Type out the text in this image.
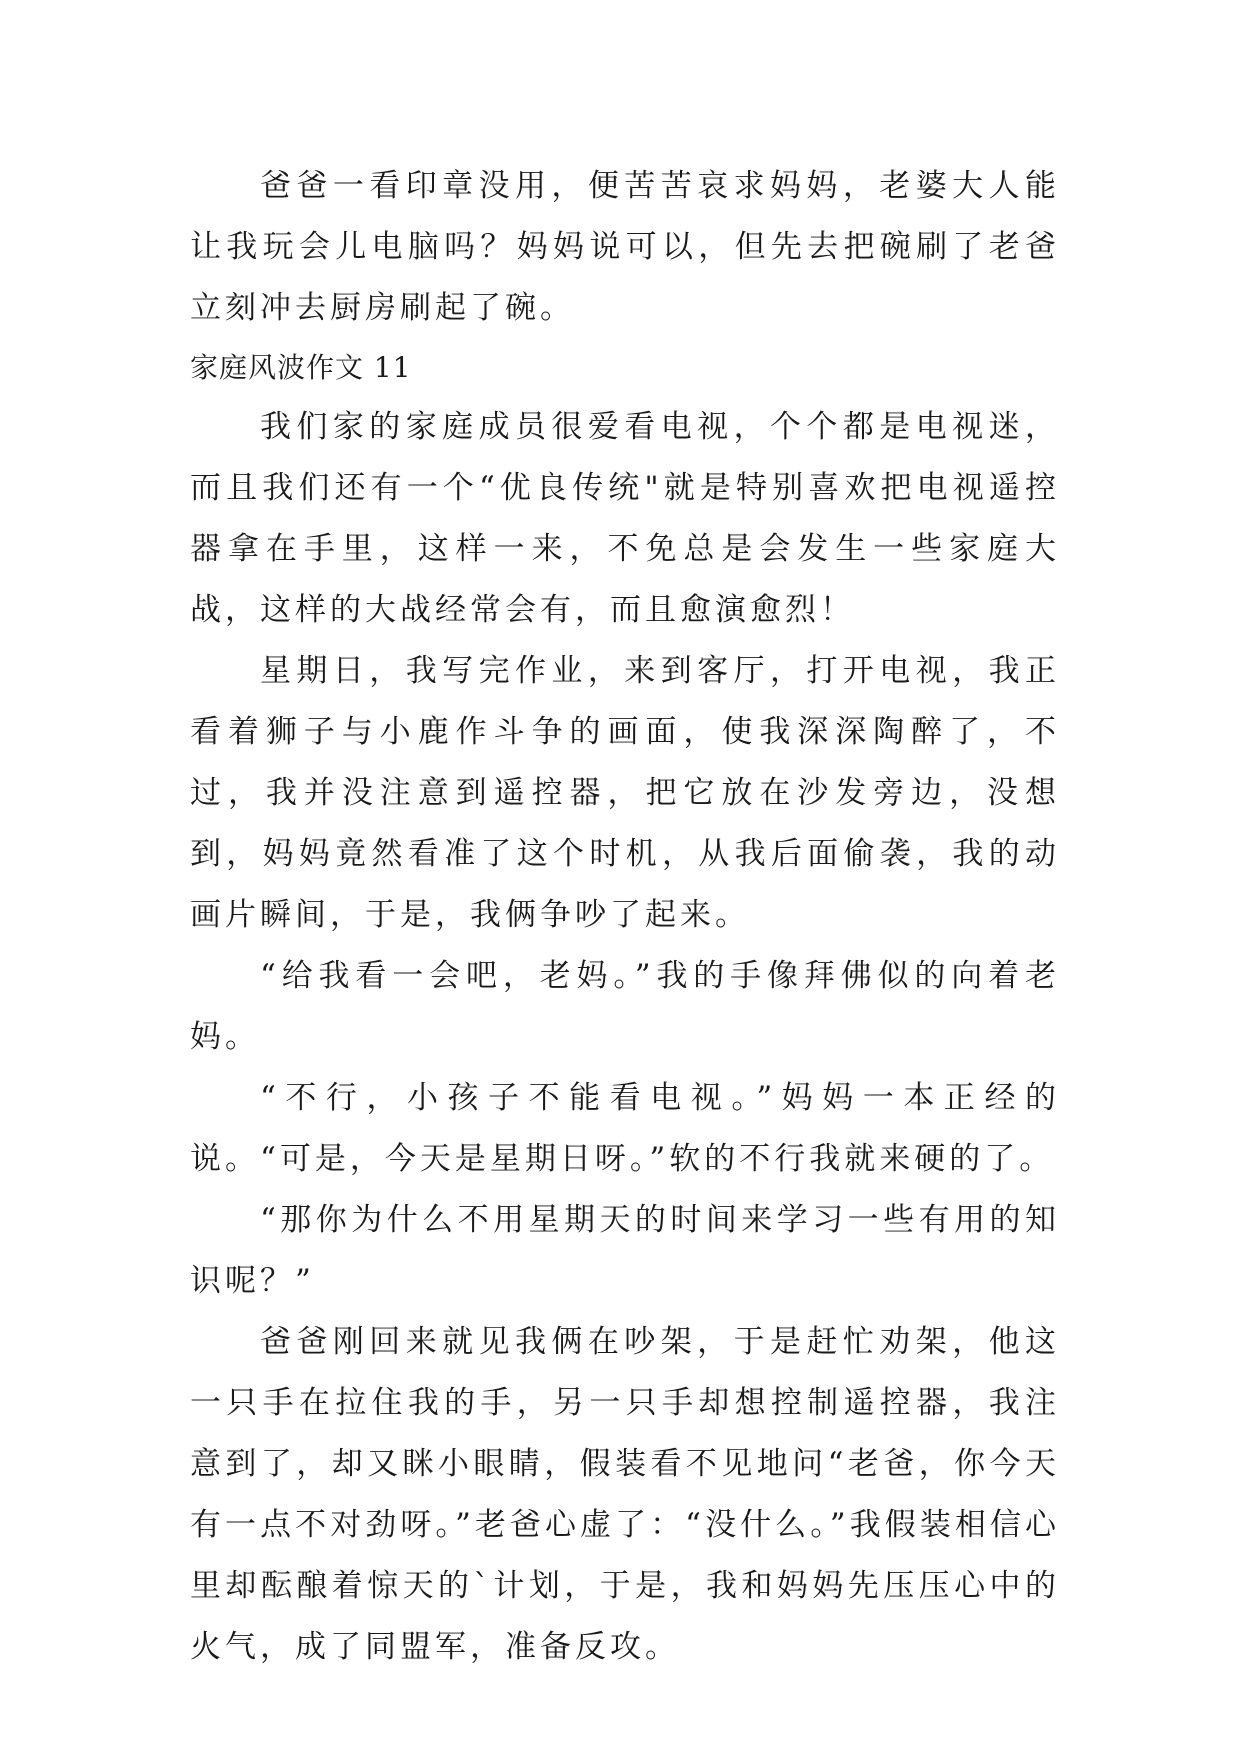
爸爸一看印章没用，便苦苦哀求妈妈，老婆大人能让我玩会儿电脑吗？妈妈说可以，但先去把碗刷了老爸立刻冲去厨房刷起了碗。

家庭风波作文 11

我们家的家庭成员很爱看电视，个个都是电视迷，而且我们还有一个“优良传统"就是特别喜欢把电视遥控器拿在手里，这样一来，不免总是会发生一些家庭大战，这样的大战经常会有，而且愈演愈烈！

星期日，我写完作业，来到客厅，打开电视，我正看着狮子与小鹿作斗争的画面，使我深深陶醉了，不过，我并没注意到遥控器，把它放在沙发旁边，没想到，妈妈竟然看准了这个时机，从我后面偷袭，我的动画片瞬间，于是，我俩争吵了起来。

“给我看一会吧，老妈。”我的手像拜佛似的向着老妈。

“不行，小孩子不能看电视。”妈妈一本正经的说。“可是，今天是星期日呀。”软的不行我就来硬的了。

“那你为什么不用星期天的时间来学习一些有用的知识呢？”

爸爸刚回来就见我俩在吵架，于是赶忙劝架，他这一只手在拉住我的手，另一只手却想控制遥控器，我注意到了，却又眯小眼睛，假装看不见地问“老爸，你今天有一点不对劲呀。”老爸心虚了：“没什么。”我假装相信心里却酝酿着惊天的`计划，于是，我和妈妈先压压心中的火气，成了同盟军，准备反攻。
